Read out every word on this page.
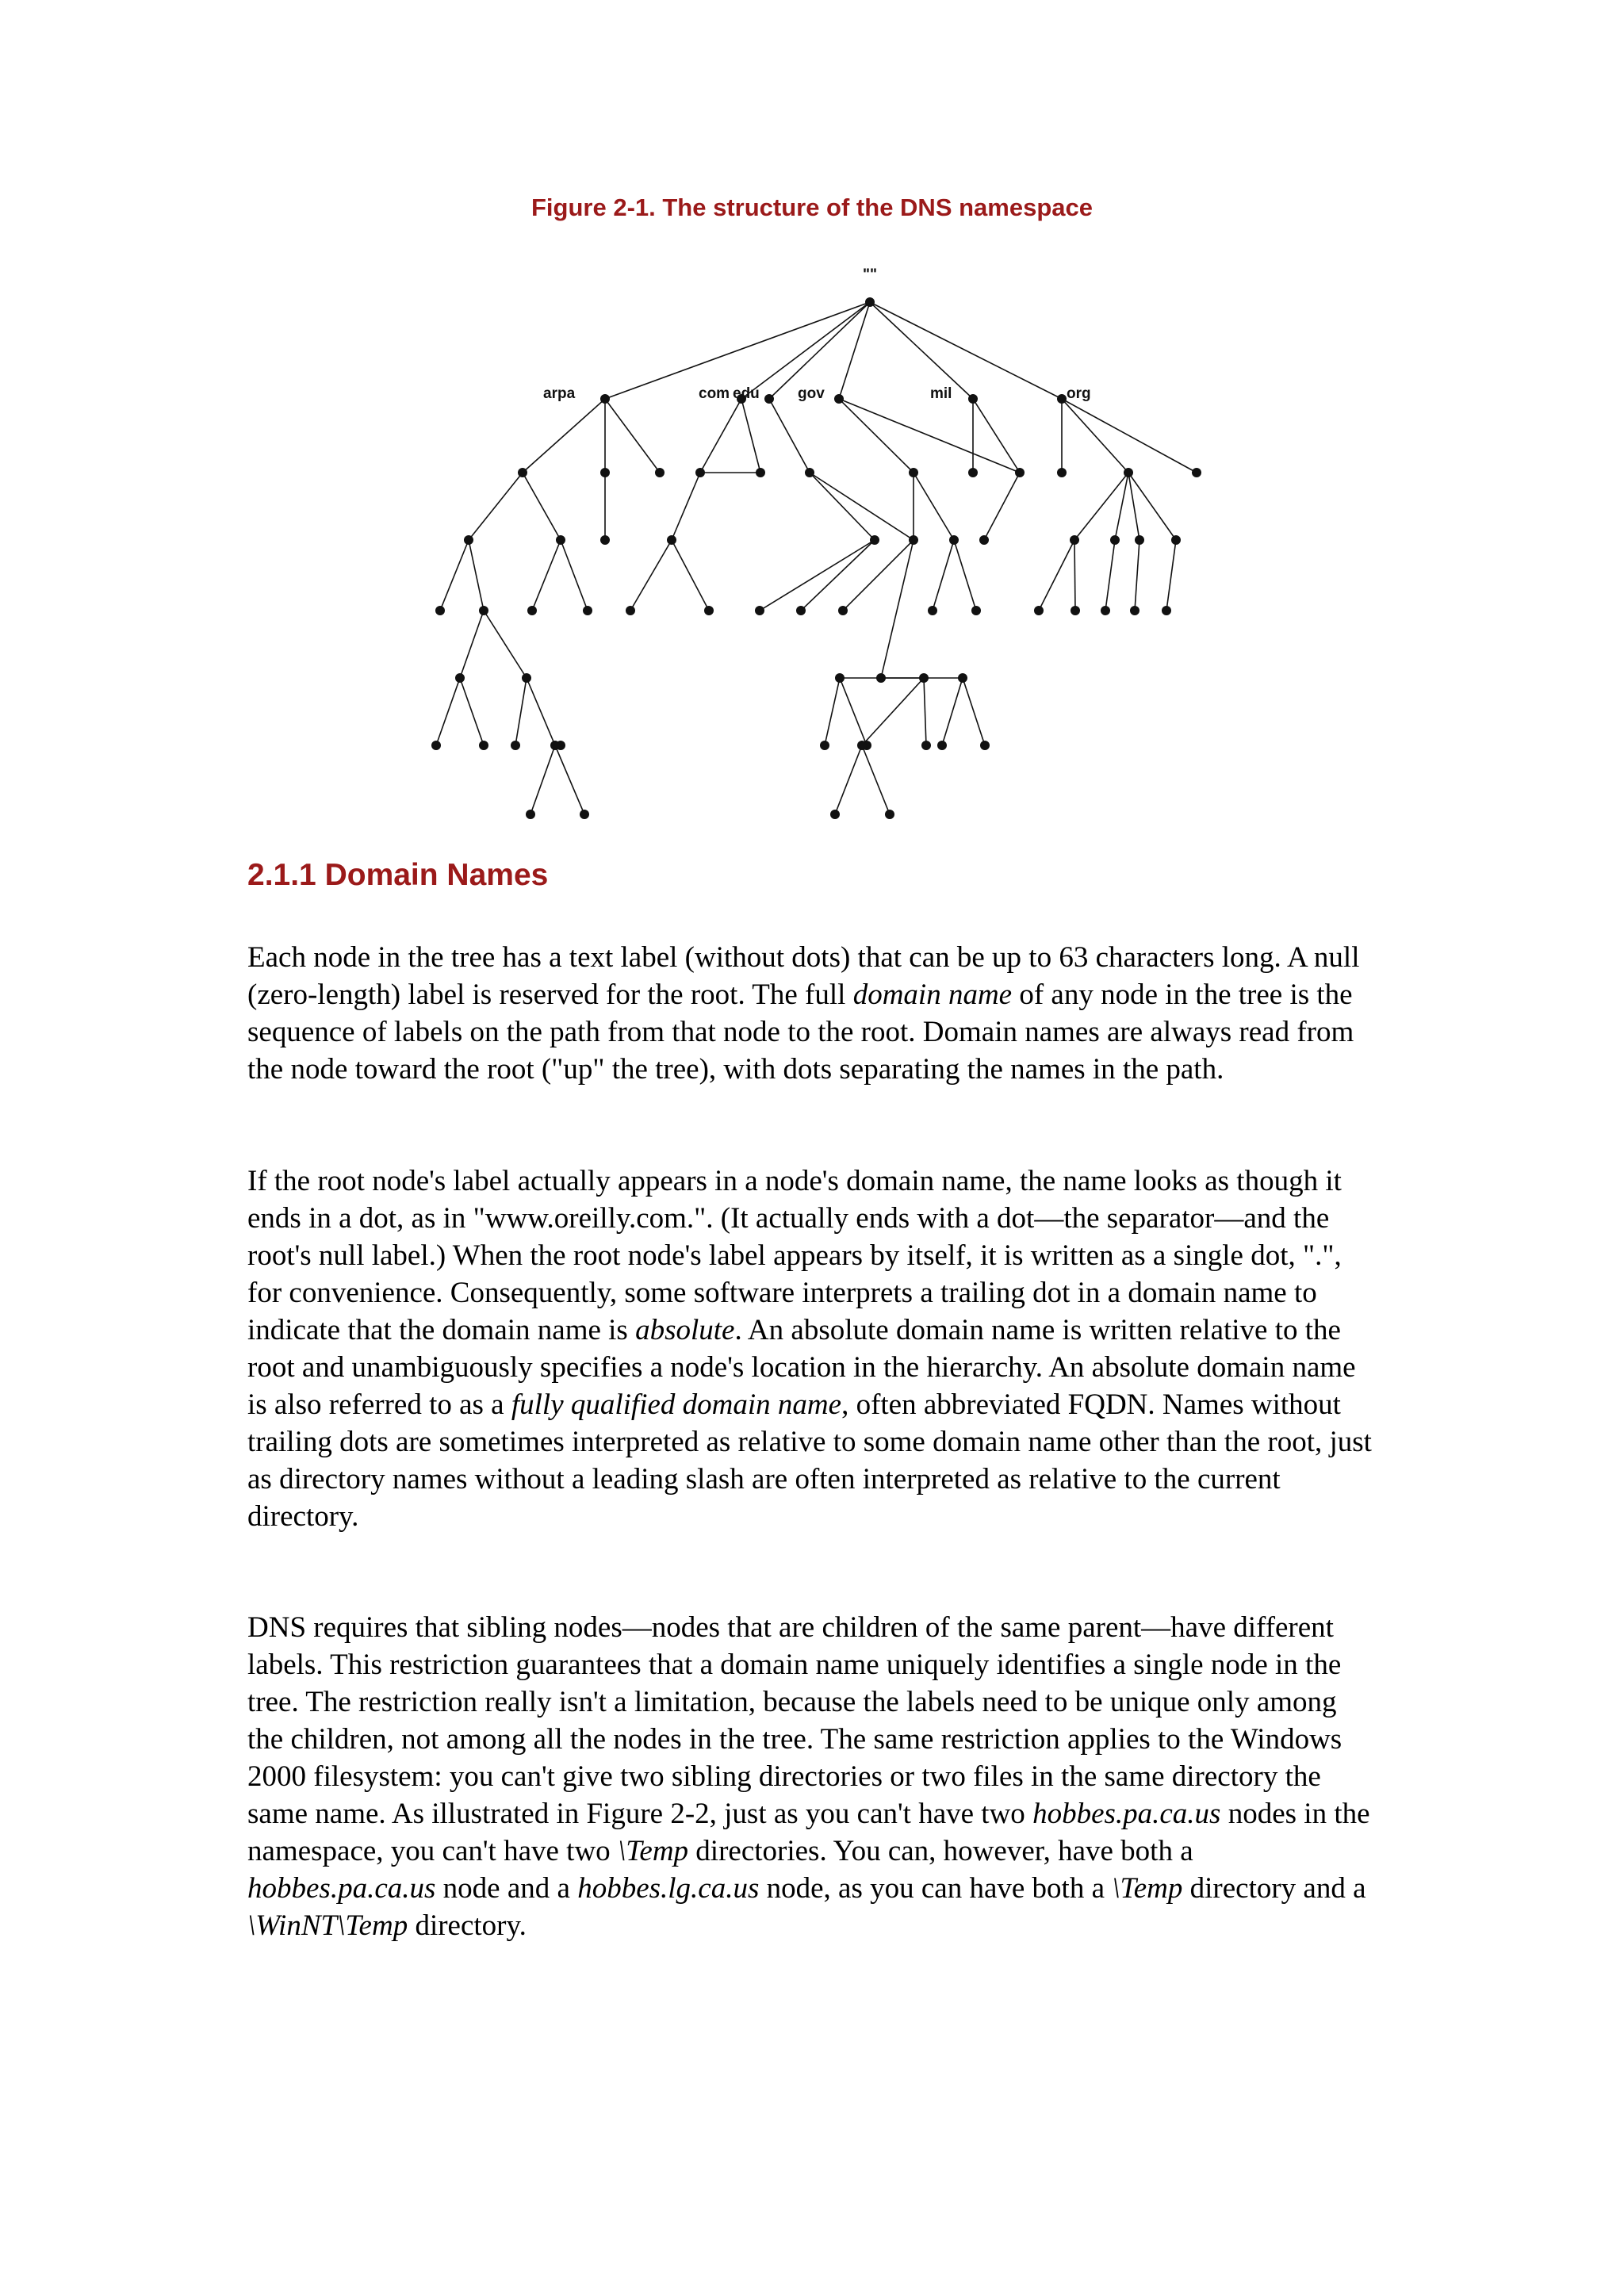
Figure 2-1. The structure of the DNS namespace

""
arpa	com edu	gov	mil	org
2.1.1 Domain Names

Each node in the tree has a text label (without dots) that can be up to 63 characters long. A null (zero-length) label is reserved for the root. The full domain name of any node in the tree is the sequence of labels on the path from that node to the root. Domain names are always read from the node toward the root ("up" the tree), with dots separating the names in the path.

If the root node's label actually appears in a node's domain name, the name looks as though it ends in a dot, as in "www.oreilly.com.". (It actually ends with a dot—the separator—and the root's null label.) When the root node's label appears by itself, it is written as a single dot, ".", for convenience. Consequently, some software interprets a trailing dot in a domain name to indicate that the domain name is absolute. An absolute domain name is written relative to the root and unambiguously specifies a node's location in the hierarchy. An absolute domain name is also referred to as a fully qualified domain name, often abbreviated FQDN. Names without trailing dots are sometimes interpreted as relative to some domain name other than the root, just as directory names without a leading slash are often interpreted as relative to the current directory.

DNS requires that sibling nodes—nodes that are children of the same parent—have different labels. This restriction guarantees that a domain name uniquely identifies a single node in the tree. The restriction really isn't a limitation, because the labels need to be unique only among the children, not among all the nodes in the tree. The same restriction applies to the Windows 2000 filesystem: you can't give two sibling directories or two files in the same directory the same name. As illustrated in Figure 2-2, just as you can't have two hobbes.pa.ca.us nodes in the namespace, you can't have two \Temp directories. You can, however, have both a hobbes.pa.ca.us node and a hobbes.lg.ca.us node, as you can have both a \Temp directory and a \WinNT\Temp directory.
